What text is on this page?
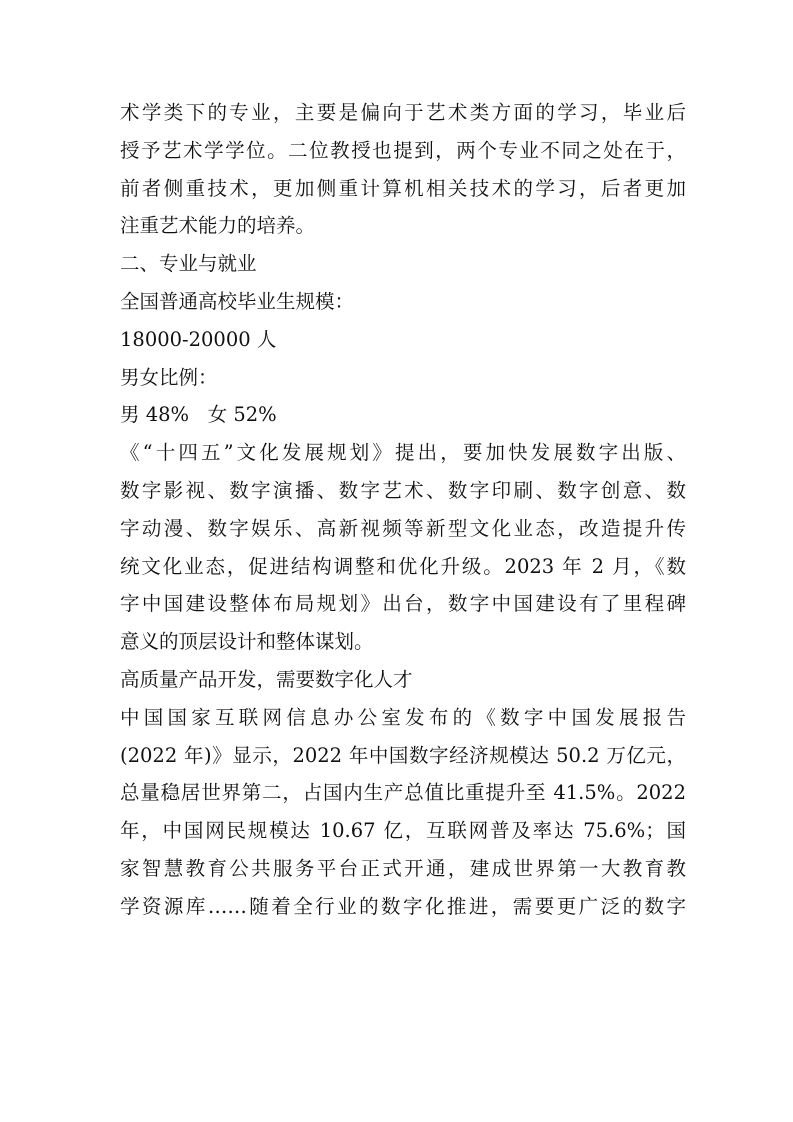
术学类下的专业，主要是偏向于艺术类方面的学习，毕业后
授予艺术学学位。二位教授也提到，两个专业不同之处在于，
前者侧重技术，更加侧重计算机相关技术的学习，后者更加
注重艺术能力的培养。
二、专业与就业
全国普通高校毕业生规模：
18000-20000 人
男女比例：
男 48%   女 52%
《“十四五”文化发展规划》提出，要加快发展数字出版、
数字影视、数字演播、数字艺术、数字印刷、数字创意、数
字动漫、数字娱乐、高新视频等新型文化业态，改造提升传
统文化业态，促进结构调整和优化升级。2023 年 2 月，《数
字中国建设整体布局规划》出台，数字中国建设有了里程碑
意义的顶层设计和整体谋划。
高质量产品开发，需要数字化人才
中国国家互联网信息办公室发布的《数字中国发展报告
(2022 年)》显示，2022 年中国数字经济规模达 50.2 万亿元，
总量稳居世界第二，占国内生产总值比重提升至 41.5%。2022
年，中国网民规模达 10.67 亿，互联网普及率达 75.6%；国
家智慧教育公共服务平台正式开通，建成世界第一大教育教
学资源库……随着全行业的数字化推进，需要更广泛的数字
